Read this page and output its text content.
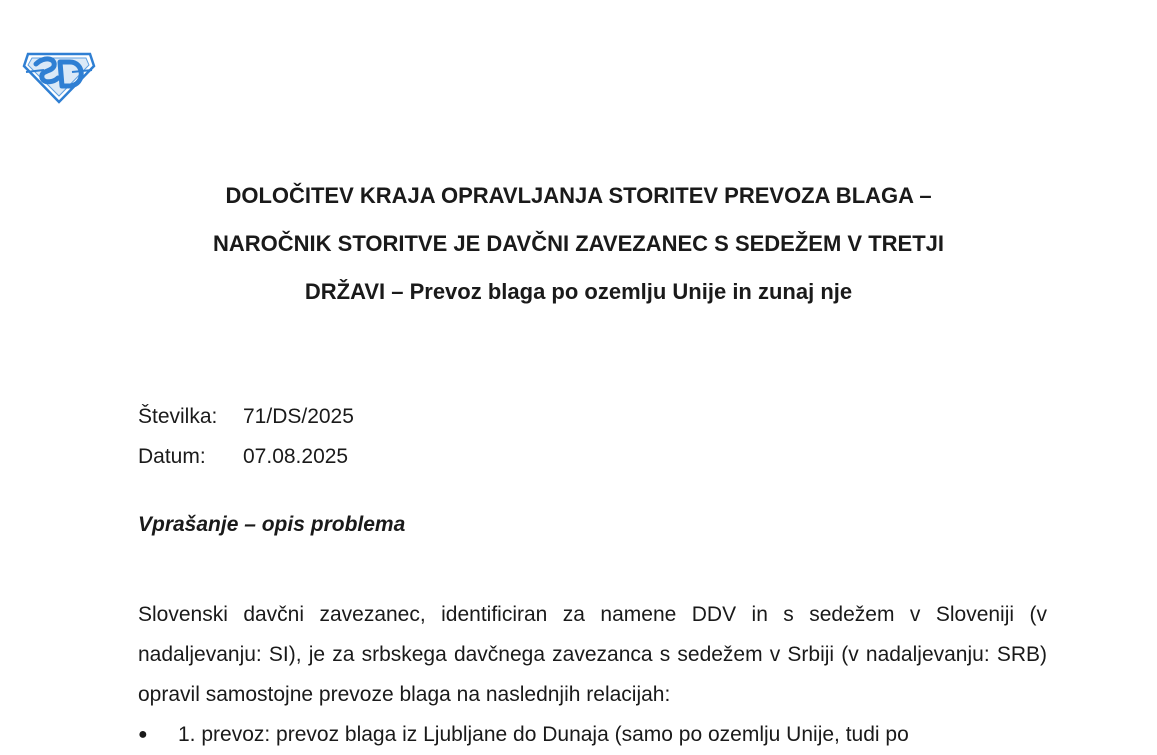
DOLOČITEV KRAJA OPRAVLJANJA STORITEV PREVOZA BLAGA –
NAROČNIK STORITVE JE DAVČNI ZAVEZANEC S SEDEŽEM V TRETJI
DRŽAVI – Prevoz blaga po ozemlju Unije in zunaj nje
Številka:	71/DS/2025
Datum:	07.08.2025
Vprašanje – opis problema

Slovenski davčni zavezanec, identificiran za namene DDV in s sedežem v Sloveniji (v nadaljevanju: SI), je za srbskega davčnega zavezanca s sedežem v Srbiji (v nadaljevanju: SRB) opravil samostojne prevoze blaga na naslednjih relacijah:

●	1. prevoz: prevoz blaga iz Ljubljane do Dunaja (samo po ozemlju Unije, tudi po
